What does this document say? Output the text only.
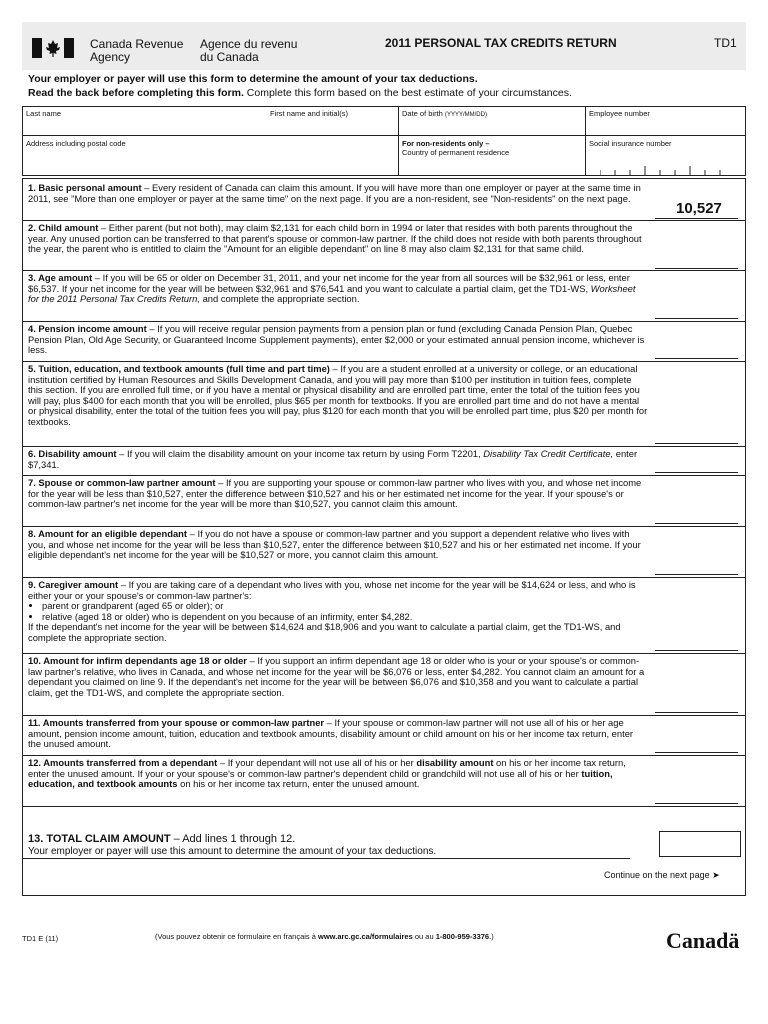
Canada Revenue
Agency
Agence du revenu
du Canada
2011 PERSONAL TAX CREDITS RETURN	TD1
Your employer or payer will use this form to determine the amount of your tax deductions.
Read the back before completing this form. Complete this form based on the best estimate of your circumstances.
Last name	First name and initial(s)	Date of birth (YYYY/MM/DD)	Employee number
Address including postal code	For non-residents only –
Country of permanent residence
Social insurance number
1. Basic personal amount – Every resident of Canada can claim this amount. If you will have more than one employer or payer at the same time in 2011, see "More than one employer or payer at the same time" on the next page. If you are a non-resident, see "Non-residents" on the next page.
10,527
2. Child amount – Either parent (but not both), may claim $2,131 for each child born in 1994 or later that resides with both parents throughout the year. Any unused portion can be transferred to that parent's spouse or common-law partner. If the child does not reside with both parents throughout the year, the parent who is entitled to claim the "Amount for an eligible dependant" on line 8 may also claim $2,131 for that same child.
3. Age amount – If you will be 65 or older on December 31, 2011, and your net income for the year from all sources will be $32,961 or less, enter $6,537. If your net income for the year will be between $32,961 and $76,541 and you want to calculate a partial claim, get the TD1-WS, Worksheet for the 2011 Personal Tax Credits Return, and complete the appropriate section.
4. Pension income amount – If you will receive regular pension payments from a pension plan or fund (excluding Canada Pension Plan, Quebec Pension Plan, Old Age Security, or Guaranteed Income Supplement payments), enter $2,000 or your estimated annual pension income, whichever is less.
5. Tuition, education, and textbook amounts (full time and part time) – If you are a student enrolled at a university or college, or an educational institution certified by Human Resources and Skills Development Canada, and you will pay more than $100 per institution in tuition fees, complete this section. If you are enrolled full time, or if you have a mental or physical disability and are enrolled part time, enter the total of the tuition fees you will pay, plus $400 for each month that you will be enrolled, plus $65 per month for textbooks. If you are enrolled part time and do not have a mental or physical disability, enter the total of the tuition fees you will pay, plus $120 for each month that you will be enrolled part time, plus $20 per month for textbooks.
6. Disability amount – If you will claim the disability amount on your income tax return by using Form T2201, Disability Tax Credit Certificate, enter $7,341.
7. Spouse or common-law partner amount – If you are supporting your spouse or common-law partner who lives with you, and whose net income for the year will be less than $10,527, enter the difference between $10,527 and his or her estimated net income for the year. If your spouse's or common-law partner's net income for the year will be more than $10,527, you cannot claim this amount.
8. Amount for an eligible dependant – If you do not have a spouse or common-law partner and you support a dependent relative who lives with you, and whose net income for the year will be less than $10,527, enter the difference between $10,527 and his or her estimated net income. If your eligible dependant's net income for the year will be $10,527 or more, you cannot claim this amount.
9. Caregiver amount – If you are taking care of a dependant who lives with you, whose net income for the year will be $14,624 or less, and who is either your or your spouse's or common-law partner's:
• parent or grandparent (aged 65 or older); or
• relative (aged 18 or older) who is dependent on you because of an infirmity, enter $4,282.
If the dependant's net income for the year will be between $14,624 and $18,906 and you want to calculate a partial claim, get the TD1-WS, and complete the appropriate section.
10. Amount for infirm dependants age 18 or older – If you support an infirm dependant age 18 or older who is your or your spouse's or common-law partner's relative, who lives in Canada, and whose net income for the year will be $6,076 or less, enter $4,282. You cannot claim an amount for a dependant you claimed on line 9. If the dependant's net income for the year will be between $6,076 and $10,358 and you want to calculate a partial claim, get the TD1-WS, and complete the appropriate section.
11. Amounts transferred from your spouse or common-law partner – If your spouse or common-law partner will not use all of his or her age amount, pension income amount, tuition, education and textbook amounts, disability amount or child amount on his or her income tax return, enter the unused amount.
12. Amounts transferred from a dependant – If your dependant will not use all of his or her disability amount on his or her income tax return, enter the unused amount. If your or your spouse's or common-law partner's dependent child or grandchild will not use all of his or her tuition, education, and textbook amounts on his or her income tax return, enter the unused amount.
13. TOTAL CLAIM AMOUNT – Add lines 1 through 12.
Your employer or payer will use this amount to determine the amount of your tax deductions.
Continue on the next page ➤
TD1 E (11)	(Vous pouvez obtenir ce formulaire en français à www.arc.gc.ca/formulaires ou au 1-800-959-3376.)	Canadä
